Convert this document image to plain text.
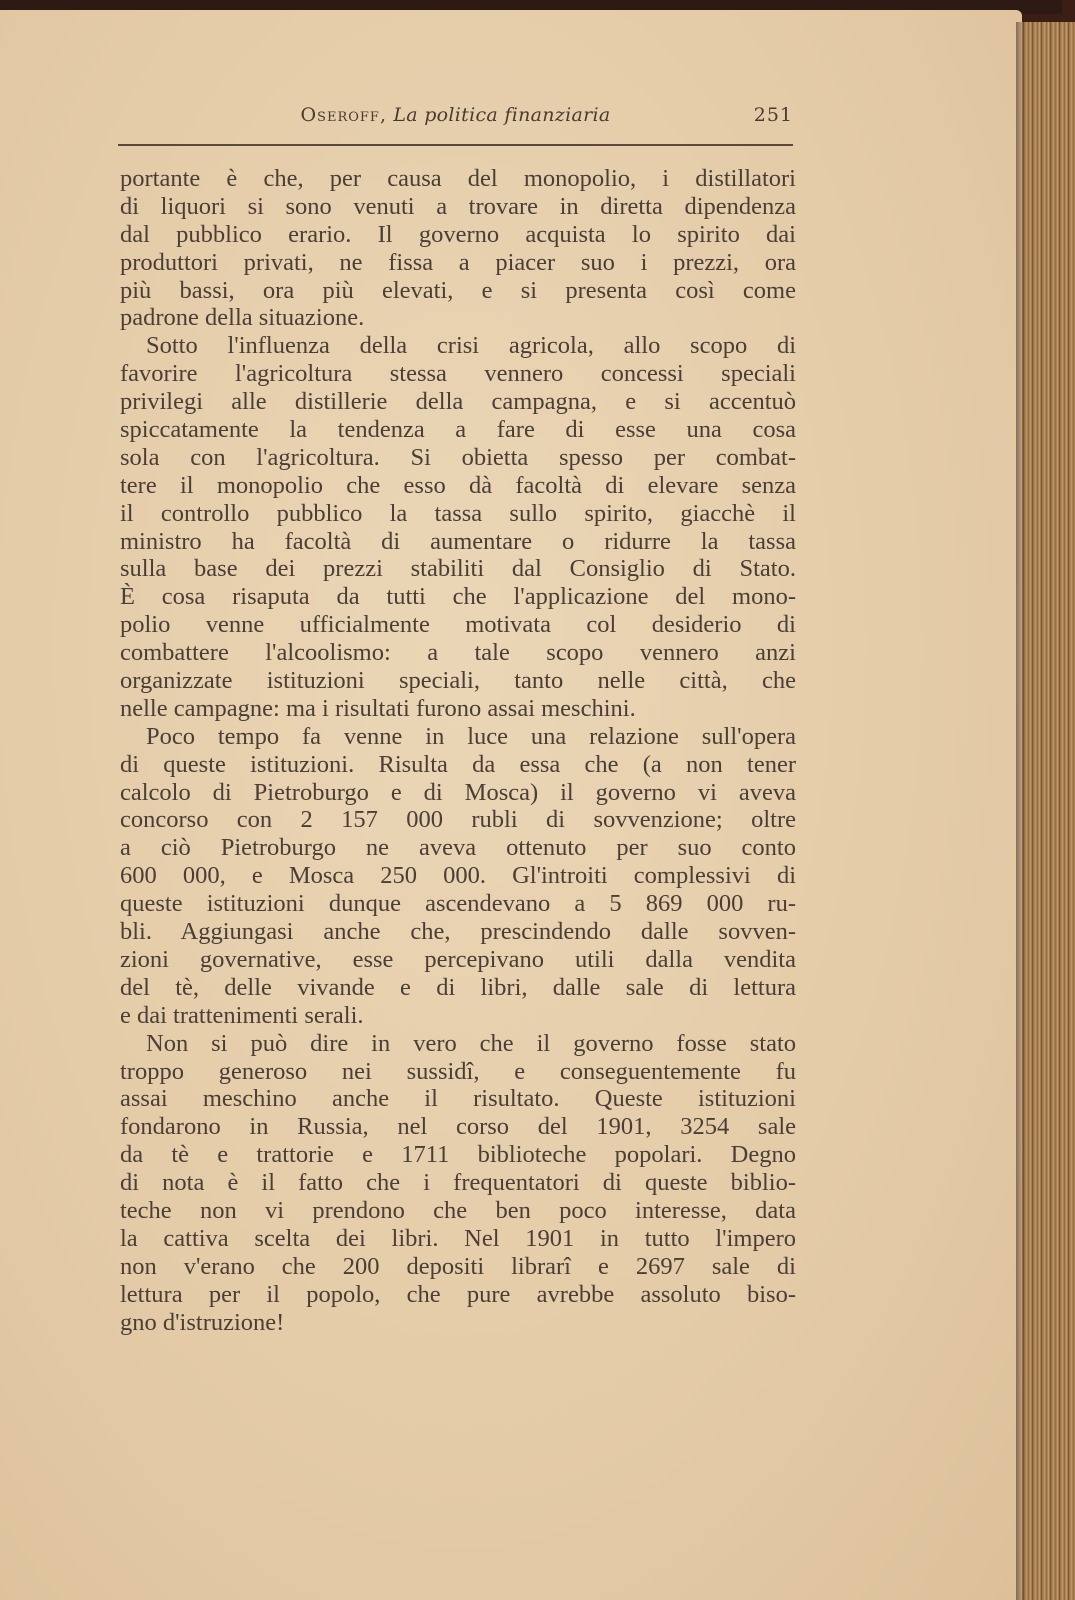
Oseroff, La politica finanziaria	251
portante è che, per causa del monopolio, i distillatori
di liquori si sono venuti a trovare in diretta dipendenza
dal pubblico erario. Il governo acquista lo spirito dai
produttori privati, ne fissa a piacer suo i prezzi, ora
più bassi, ora più elevati, e si presenta così come
padrone della situazione.
Sotto l'influenza della crisi agricola, allo scopo di
favorire l'agricoltura stessa vennero concessi speciali
privilegi alle distillerie della campagna, e si accentuò
spiccatamente la tendenza a fare di esse una cosa
sola con l'agricoltura. Si obietta spesso per combat-
tere il monopolio che esso dà facoltà di elevare senza
il controllo pubblico la tassa sullo spirito, giacchè il
ministro ha facoltà di aumentare o ridurre la tassa
sulla base dei prezzi stabiliti dal Consiglio di Stato.
È cosa risaputa da tutti che l'applicazione del mono-
polio venne ufficialmente motivata col desiderio di
combattere l'alcoolismo: a tale scopo vennero anzi
organizzate istituzioni speciali, tanto nelle città, che
nelle campagne: ma i risultati furono assai meschini.
Poco tempo fa venne in luce una relazione sull'opera
di queste istituzioni. Risulta da essa che (a non tener
calcolo di Pietroburgo e di Mosca) il governo vi aveva
concorso con 2 157 000 rubli di sovvenzione; oltre
a ciò Pietroburgo ne aveva ottenuto per suo conto
600 000, e Mosca 250 000. Gl'introiti complessivi di
queste istituzioni dunque ascendevano a 5 869 000 ru-
bli. Aggiungasi anche che, prescindendo dalle sovven-
zioni governative, esse percepivano utili dalla vendita
del tè, delle vivande e di libri, dalle sale di lettura
e dai trattenimenti serali.
Non si può dire in vero che il governo fosse stato
troppo generoso nei sussidî, e conseguentemente fu
assai meschino anche il risultato. Queste istituzioni
fondarono in Russia, nel corso del 1901, 3254 sale
da tè e trattorie e 1711 biblioteche popolari. Degno
di nota è il fatto che i frequentatori di queste biblio-
teche non vi prendono che ben poco interesse, data
la cattiva scelta dei libri. Nel 1901 in tutto l'impero
non v'erano che 200 depositi librarî e 2697 sale di
lettura per il popolo, che pure avrebbe assoluto biso-
gno d'istruzione!
